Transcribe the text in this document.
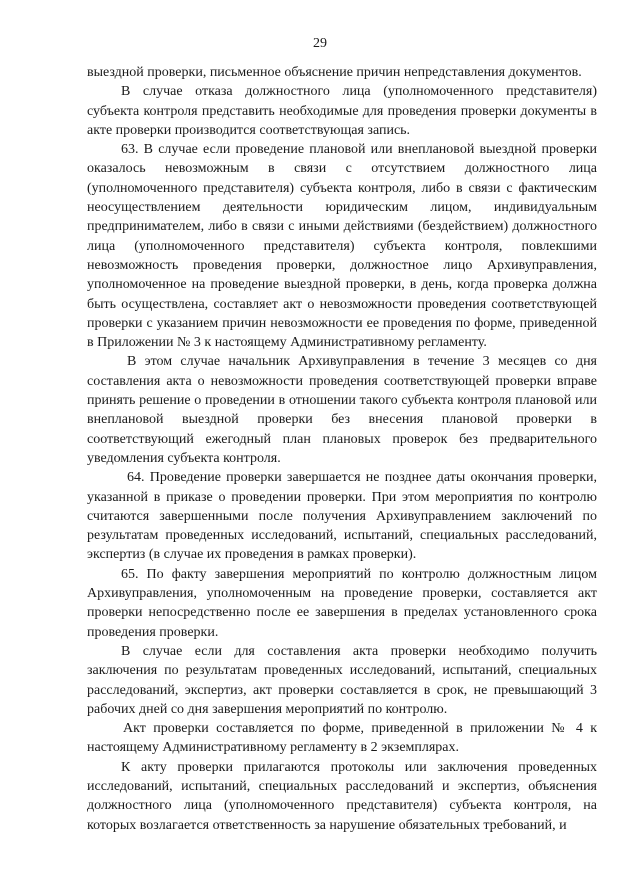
29

выездной проверки, письменное объяснение причин непредставления документов.

В случае отказа должностного лица (уполномоченного представителя) субъекта контроля представить необходимые для проведения проверки документы в акте проверки производится соответствующая запись.

63. В случае если проведение плановой или внеплановой выездной проверки оказалось невозможным в связи с отсутствием должностного лица (уполномоченного представителя) субъекта контроля, либо в связи с фактическим неосуществлением деятельности юридическим лицом, индивидуальным предпринимателем, либо в связи с иными действиями (бездействием) должностного лица (уполномоченного представителя) субъекта контроля, повлекшими невозможность проведения проверки, должностное лицо Архивуправления, уполномоченное на проведение выездной проверки, в день, когда проверка должна быть осуществлена, составляет акт о невозможности проведения соответствующей проверки с указанием причин невозможности ее проведения по форме, приведенной в Приложении № 3 к настоящему Административному регламенту.

В этом случае начальник Архивуправления в течение 3 месяцев со дня составления акта о невозможности проведения соответствующей проверки вправе принять решение о проведении в отношении такого субъекта контроля плановой или внеплановой выездной проверки без внесения плановой проверки в соответствующий ежегодный план плановых проверок без предварительного уведомления субъекта контроля.

64. Проведение проверки завершается не позднее даты окончания проверки, указанной в приказе о проведении проверки. При этом мероприятия по контролю считаются завершенными после получения Архивуправлением заключений по результатам проведенных исследований, испытаний, специальных расследований, экспертиз (в случае их проведения в рамках проверки).

65. По факту завершения мероприятий по контролю должностным лицом Архивуправления, уполномоченным на проведение проверки, составляется акт проверки непосредственно после ее завершения в пределах установленного срока проведения проверки.

В случае если для составления акта проверки необходимо получить заключения по результатам проведенных исследований, испытаний, специальных расследований, экспертиз, акт проверки составляется в срок, не превышающий 3 рабочих дней со дня завершения мероприятий по контролю.

Акт проверки составляется по форме, приведенной в приложении № 4 к настоящему Административному регламенту в 2 экземплярах.

К акту проверки прилагаются протоколы или заключения проведенных исследований, испытаний, специальных расследований и экспертиз, объяснения должностного лица (уполномоченного представителя) субъекта контроля, на которых возлагается ответственность за нарушение обязательных требований, и
